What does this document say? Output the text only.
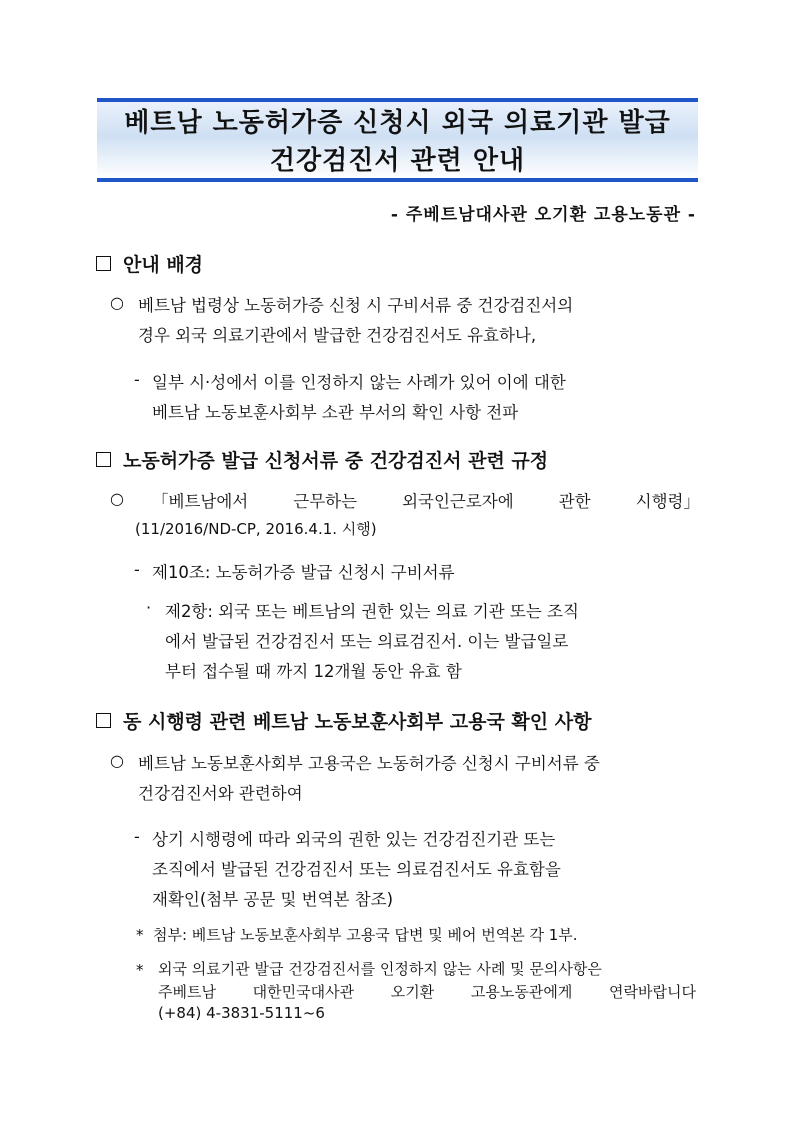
베트남 노동허가증 신청시 외국 의료기관 발급
건강검진서 관련 안내
- 주베트남대사관 오기환 고용노동관 -
안내 배경
○ 베트남 법령상 노동허가증 신청 시 구비서류 중 건강검진서의
경우 외국 의료기관에서 발급한 건강검진서도 유효하나,
- 일부 시·성에서 이를 인정하지 않는 사례가 있어 이에 대한
베트남 노동보훈사회부 소관 부서의 확인 사항 전파
노동허가증 발급 신청서류 중 건강검진서 관련 규정
○ 「베트남에서	근무하는	외국인근로자에	관한	시행령」
(11/2016/ND-CP, 2016.4.1. 시행)
- 제10조: 노동허가증 발급 신청시 구비서류
· 제2항: 외국 또는 베트남의 권한 있는 의료 기관 또는 조직
에서 발급된 건강검진서 또는 의료검진서. 이는 발급일로
부터 접수될 때 까지 12개월 동안 유효 함
동 시행령 관련 베트남 노동보훈사회부 고용국 확인 사항
○ 베트남 노동보훈사회부 고용국은 노동허가증 신청시 구비서류 중
건강검진서와 관련하여
- 상기 시행령에 따라 외국의 권한 있는 건강검진기관 또는
조직에서 발급된 건강검진서 또는 의료검진서도 유효함을
재확인(첨부 공문 및 번역본 참조)
* 첨부: 베트남 노동보훈사회부 고용국 답변 및 베어 번역본 각 1부.
* 외국 의료기관 발급 건강검진서를 인정하지 않는 사례 및 문의사항은
주베트남 대한민국대사관 오기환 고용노동관에게 연락바랍니다
(+84) 4-3831-5111~6
